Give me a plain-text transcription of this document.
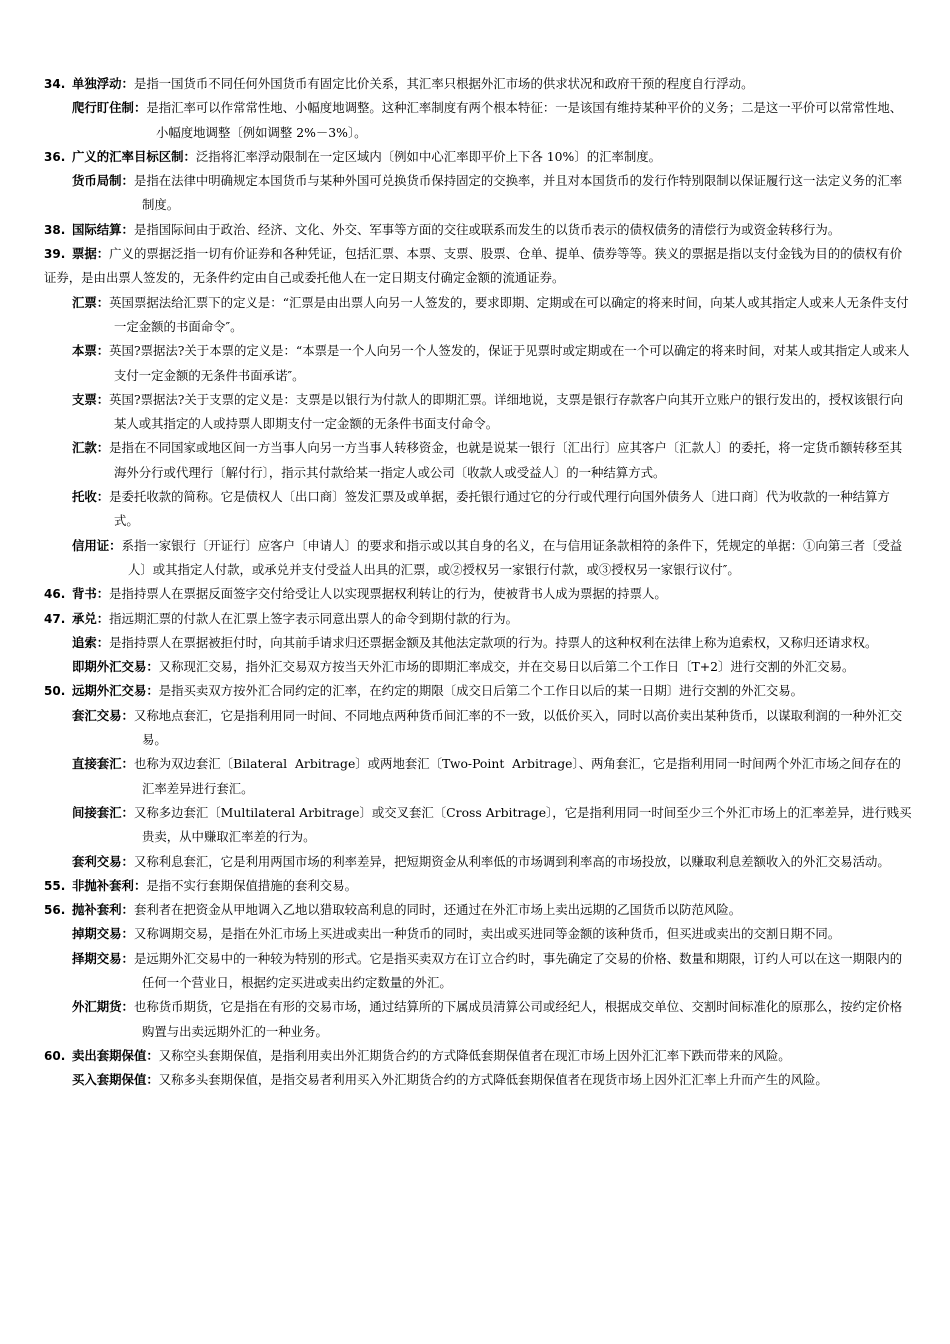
34. 单独浮动：是指一国货币不同任何外国货币有固定比价关系，其汇率只根据外汇市场的供求状况和政府干预的程度自行浮动。
爬行盯住制：是指汇率可以作常常性地、小幅度地调整。这种汇率制度有两个根本特征：一是该国有维持某种平价的义务；二是这一平价可以常常性地、小幅度地调整〔例如调整 2%－3%〕。
36. 广义的汇率目标区制：泛指将汇率浮动限制在一定区域内〔例如中心汇率即平价上下各 10%〕的汇率制度。
货币局制：是指在法律中明确规定本国货币与某种外国可兑换货币保持固定的交换率，并且对本国货币的发行作特别限制以保证履行这一法定义务的汇率制度。
38. 国际结算：是指国际间由于政治、经济、文化、外交、军事等方面的交往或联系而发生的以货币表示的债权债务的清偿行为或资金转移行为。
39. 票据：广义的票据泛指一切有价证券和各种凭证，包括汇票、本票、支票、股票、仓单、提单、债券等等。狭义的票据是指以支付金钱为目的的债权有价证券，是由出票人签发的，无条件约定由自己或委托他人在一定日期支付确定金额的流通证券。
汇票：英国票据法给汇票下的定义是：“汇票是由出票人向另一人签发的，要求即期、定期或在可以确定的将来时间，向某人或其指定人或来人无条件支付一定金额的书面命令″。
本票：英国?票据法?关于本票的定义是：“本票是一个人向另一个人签发的，保证于见票时或定期或在一个可以确定的将来时间，对某人或其指定人或来人支付一定金额的无条件书面承诺″。
支票：英国?票据法?关于支票的定义是：支票是以银行为付款人的即期汇票。详细地说，支票是银行存款客户向其开立账户的银行发出的，授权该银行向某人或其指定的人或持票人即期支付一定金额的无条件书面支付命令。
汇款：是指在不同国家或地区间一方当事人向另一方当事人转移资金，也就是说某一银行〔汇出行〕应其客户〔汇款人〕的委托，将一定货币额转移至其海外分行或代理行〔解付行〕，指示其付款给某一指定人或公司〔收款人或受益人〕的一种结算方式。
托收：是委托收款的简称。它是债权人〔出口商〕签发汇票及或单据，委托银行通过它的分行或代理行向国外债务人〔进口商〕代为收款的一种结算方式。
信用证：系指一家银行〔开证行〕应客户〔申请人〕的要求和指示或以其自身的名义，在与信用证条款相符的条件下，凭规定的单据：①向第三者〔受益人〕或其指定人付款，或承兑并支付受益人出具的汇票，或②授权另一家银行付款，或③授权另一家银行议付″。
46. 背书：是指持票人在票据反面签字交付给受让人以实现票据权利转让的行为，使被背书人成为票据的持票人。
47. 承兑：指远期汇票的付款人在汇票上签字表示同意出票人的命令到期付款的行为。
追索：是指持票人在票据被拒付时，向其前手请求归还票据金额及其他法定款项的行为。持票人的这种权利在法律上称为追索权，又称归还请求权。
即期外汇交易：又称现汇交易，指外汇交易双方按当天外汇市场的即期汇率成交，并在交易日以后第二个工作日〔T+2〕进行交割的外汇交易。
50. 远期外汇交易：是指买卖双方按外汇合同约定的汇率，在约定的期限〔成交日后第二个工作日以后的某一日期〕进行交割的外汇交易。
套汇交易：又称地点套汇，它是指利用同一时间、不同地点两种货币间汇率的不一致，以低价买入，同时以高价卖出某种货币，以谋取利润的一种外汇交易。
直接套汇：也称为双边套汇〔Bilateral  Arbitrage〕或两地套汇〔Two-Point  Arbitrage〕、两角套汇，它是指利用同一时间两个外汇市场之间存在的汇率差异进行套汇。
间接套汇：又称多边套汇〔Multilateral Arbitrage〕或交叉套汇〔Cross Arbitrage〕，它是指利用同一时间至少三个外汇市场上的汇率差异，进行贱买贵卖，从中赚取汇率差的行为。
套利交易：又称利息套汇，它是利用两国市场的利率差异，把短期资金从利率低的市场调到利率高的市场投放，以赚取利息差额收入的外汇交易活动。
55. 非抛补套利：是指不实行套期保值措施的套利交易。
56. 抛补套利：套利者在把资金从甲地调入乙地以猎取较高利息的同时，还通过在外汇市场上卖出远期的乙国货币以防范风险。
掉期交易：又称调期交易，是指在外汇市场上买进或卖出一种货币的同时，卖出或买进同等金额的该种货币，但买进或卖出的交割日期不同。
择期交易：是远期外汇交易中的一种较为特别的形式。它是指买卖双方在订立合约时，事先确定了交易的价格、数量和期限，订约人可以在这一期限内的任何一个营业日，根据约定买进或卖出约定数量的外汇。
外汇期货：也称货币期货，它是指在有形的交易市场，通过结算所的下属成员清算公司或经纪人，根据成交单位、交割时间标准化的原那么，按约定价格购置与出卖远期外汇的一种业务。
60. 卖出套期保值：又称空头套期保值，是指利用卖出外汇期货合约的方式降低套期保值者在现汇市场上因外汇汇率下跌而带来的风险。
买入套期保值：又称多头套期保值，是指交易者利用买入外汇期货合约的方式降低套期保值者在现货市场上因外汇汇率上升而产生的风险。
